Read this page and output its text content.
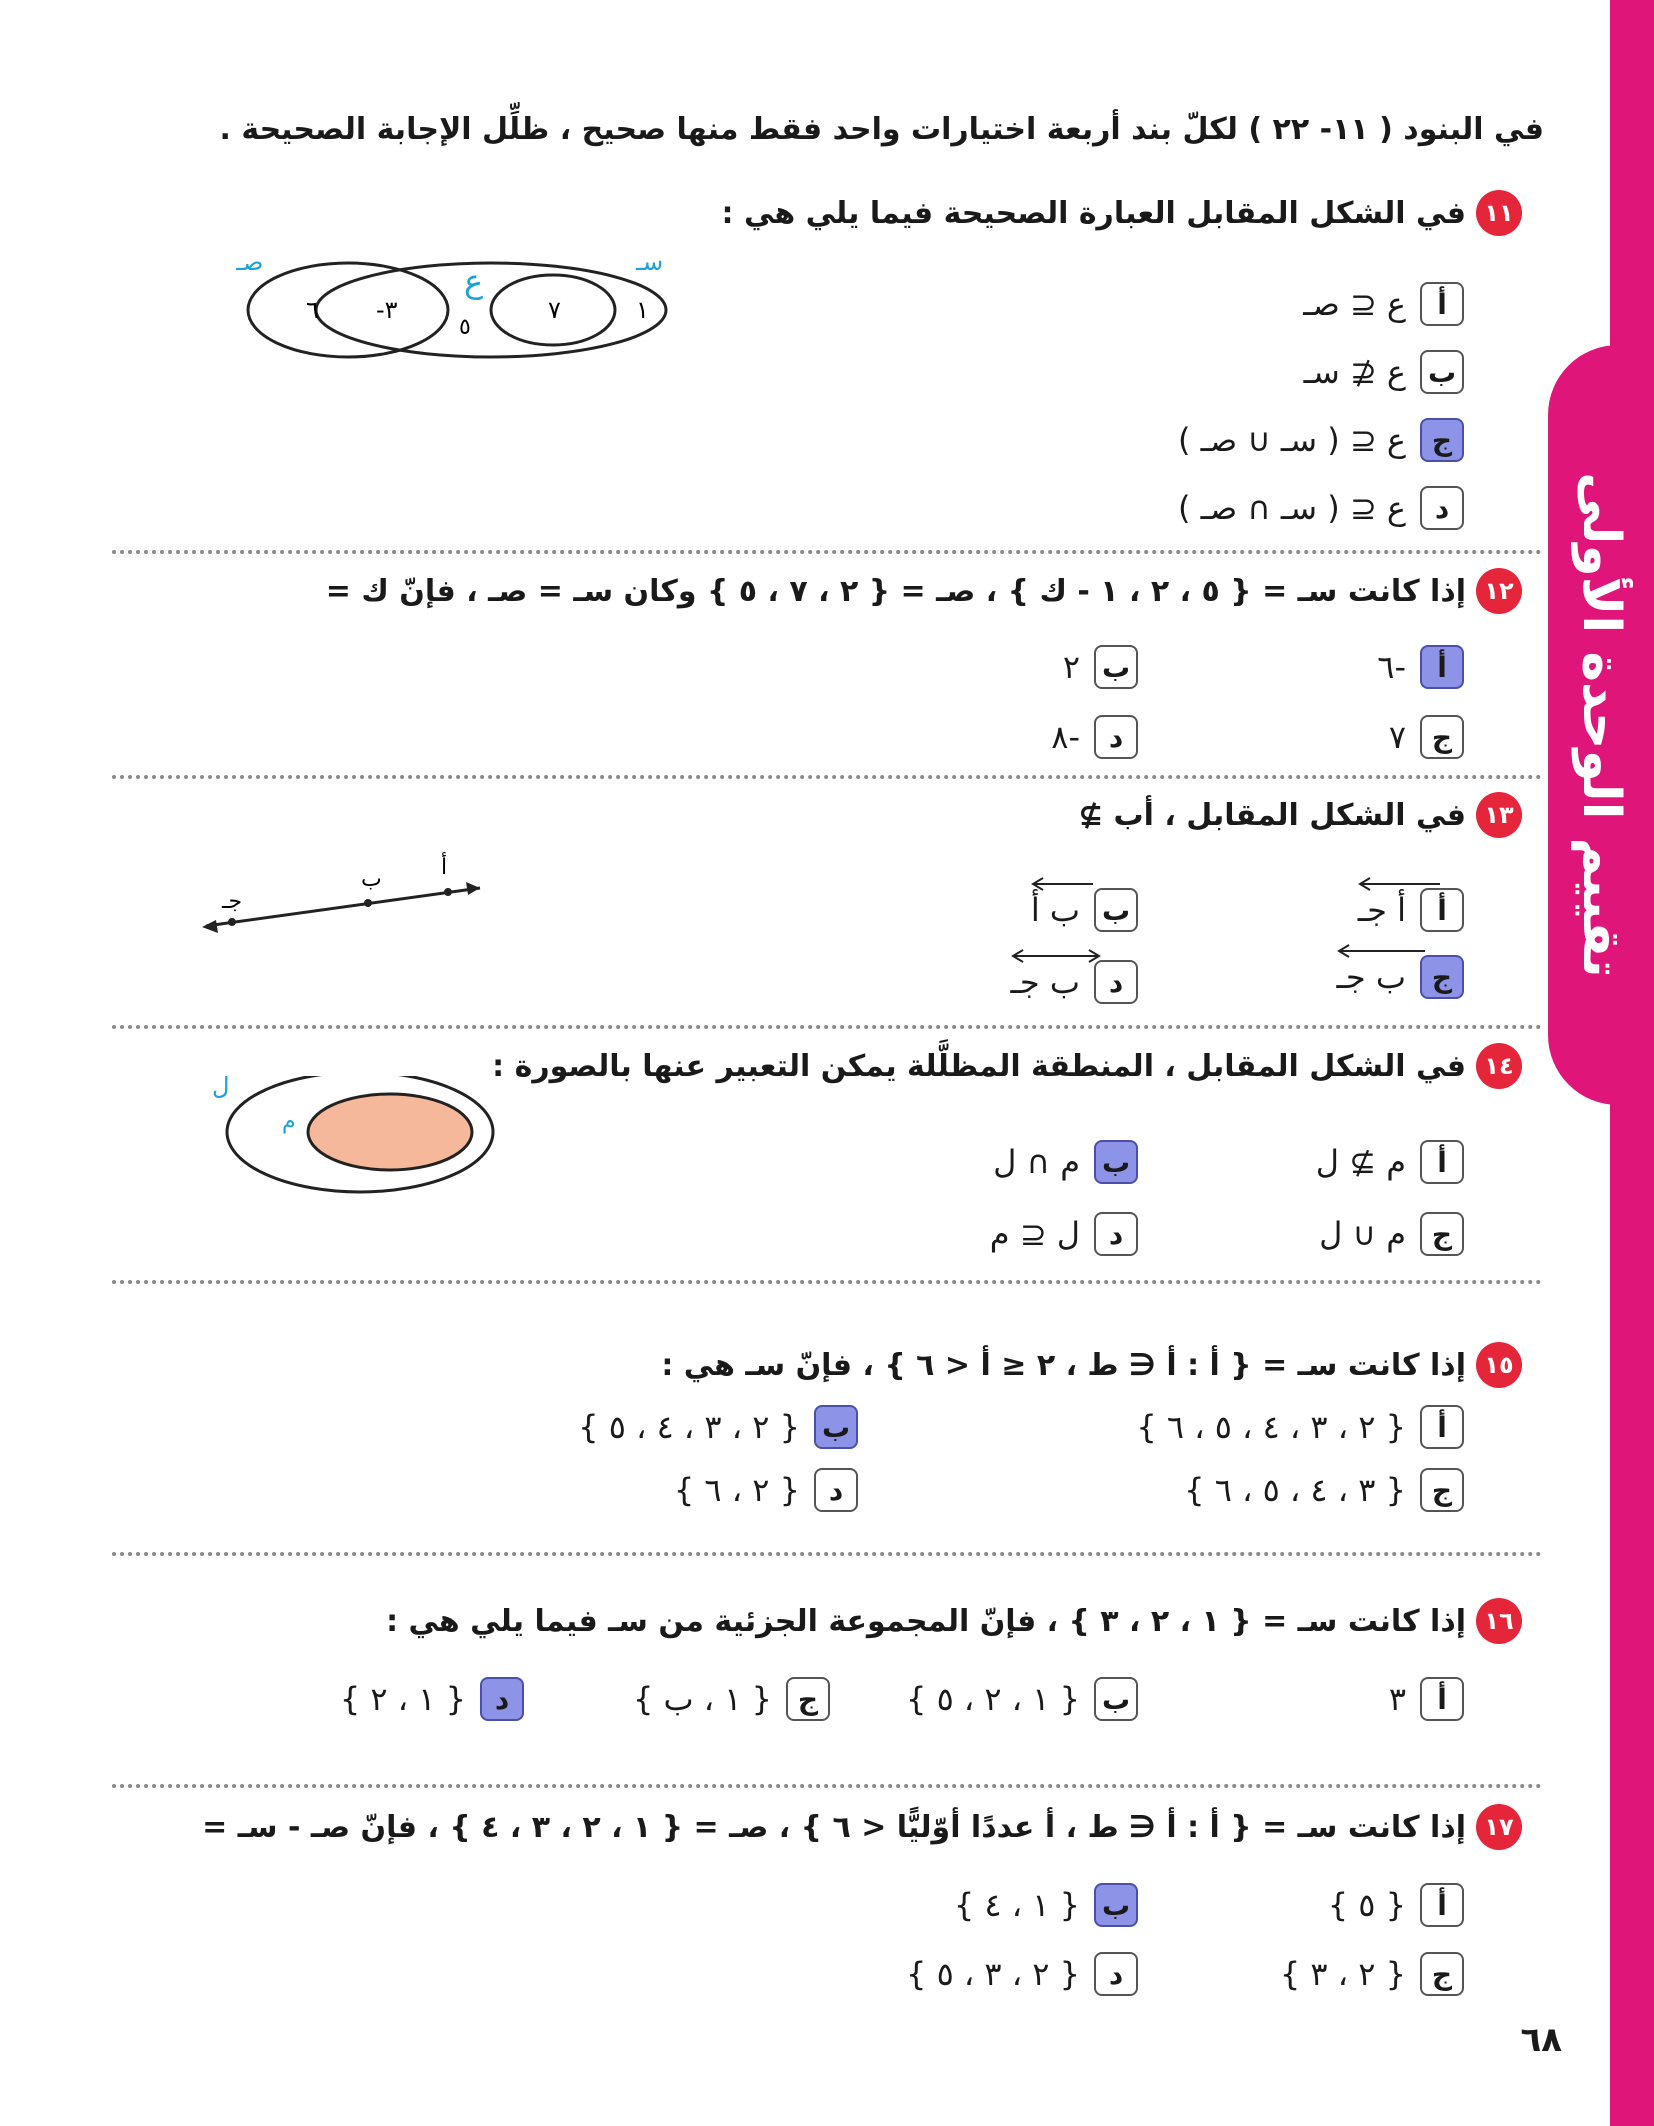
تقييم الوحدة الأولى
في البنود ( ١١- ٢٢ ) لكلّ بند أربعة اختيارات واحد فقط منها صحيح ، ظلِّل الإجابة الصحيحة .
١١
في الشكل المقابل العبارة الصحيحة فيما يلي هي :
٦ -٣	٧	١
٥
صـ	سـ
ع
أ
ع ⊆ صـ
ب
ع ⊈ سـ
ج
ع ⊆ ( سـ ∪ صـ )
د
ع ⊆ ( سـ ∩ صـ )
١٢
إذا كانت سـ = { ٥ ، ٢ ، ١ - ك } ، صـ = { ٢ ، ٧ ، ٥ } وكان سـ = صـ ، فإنّ ك =
أ
-٦
ب
٢
ج
٧
د
-٨
١٣
في الشكل المقابل ، أب ⊉
أ
ب
جـ	أ
أ جـ
ب
ب أ
ج
ب جـ
د
ب جـ
١٤
في الشكل المقابل ، المنطقة المظلَّلة يمكن التعبير عنها بالصورة :
ل
م
أ
م ⊉ ل
ب
م ∩ ل
ج
م ∪ ل
د
ل ⊆ م
١٥
إذا كانت سـ = { أ : أ ∈ ط ، ٢ ≤ أ < ٦ } ، فإنّ سـ هي :
أ
{ ٢ ، ٣ ، ٤ ، ٥ ، ٦ }
ب
{ ٢ ، ٣ ، ٤ ، ٥ }
ج
{ ٣ ، ٤ ، ٥ ، ٦ }
د
{ ٢ ، ٦ }
١٦
إذا كانت سـ = { ١ ، ٢ ، ٣ } ، فإنّ المجموعة الجزئية من سـ فيما يلي هي :
أ
٣
ب
{ ١ ، ٢ ، ٥ }
ج
{ ١ ، ب }
د
{ ١ ، ٢ }
١٧
إذا كانت سـ = { أ : أ ∈ ط ، أ عددًا أوّليًّا < ٦ } ، صـ = { ١ ، ٢ ، ٣ ، ٤ } ، فإنّ صـ - سـ =
أ
{ ٥ }
ب
{ ١ ، ٤ }
ج
{ ٢ ، ٣ }
د
{ ٢ ، ٣ ، ٥ }
٦٨
